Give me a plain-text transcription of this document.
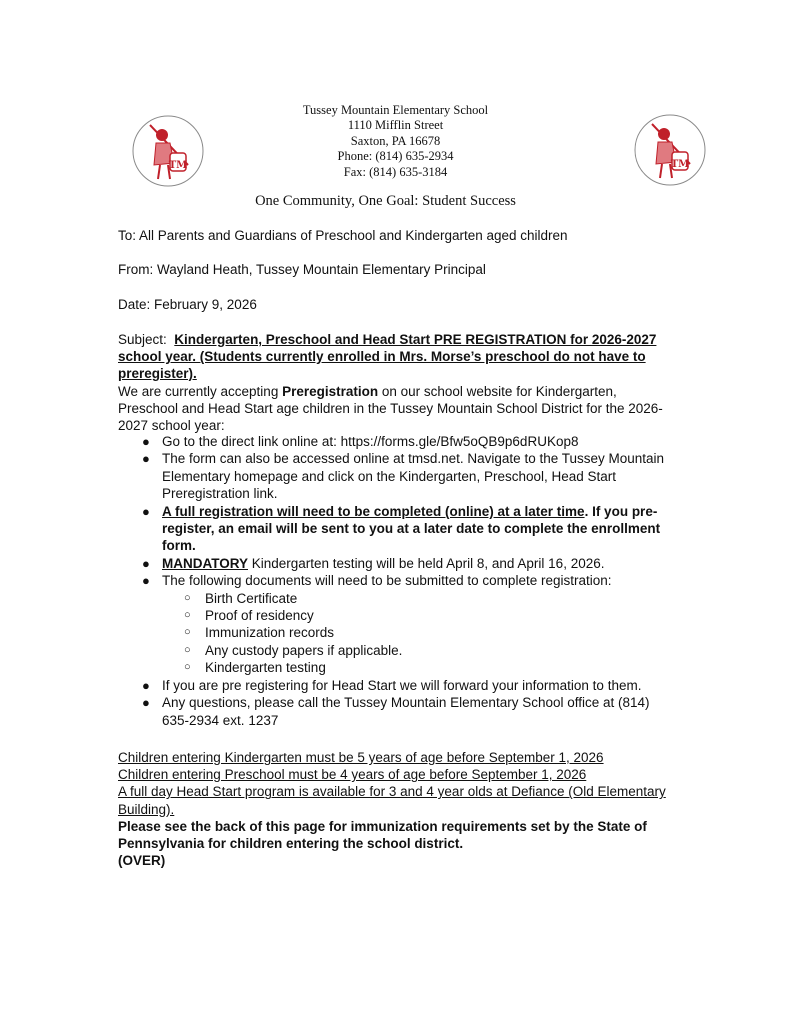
TM
Tussey Mountain Elementary School
1110 Mifflin Street
Saxton, PA 16678
Phone: (814) 635-2934
Fax: (814) 635-3184
TM
One Community, One Goal: Student Success
To: All Parents and Guardians of Preschool and Kindergarten aged children
From: Wayland Heath, Tussey Mountain Elementary Principal
Date: February 9, 2026
Subject: Kindergarten, Preschool and Head Start PRE REGISTRATION for 2026-2027 school year. (Students currently enrolled in Mrs. Morse’s preschool do not have to preregister).
We are currently accepting Preregistration on our school website for Kindergarten, Preschool and Head Start age children in the Tussey Mountain School District for the 2026-2027 school year:
● Go to the direct link online at: https://forms.gle/Bfw5oQB9p6dRUKop8
● The form can also be accessed online at tmsd.net. Navigate to the Tussey Mountain Elementary homepage and click on the Kindergarten, Preschool, Head Start Preregistration link.
● A full registration will need to be completed (online) at a later time. If you pre-register, an email will be sent to you at a later date to complete the enrollment form.
● MANDATORY Kindergarten testing will be held April 8, and April 16, 2026.
● The following documents will need to be submitted to complete registration:
○ Birth Certificate
○ Proof of residency
○ Immunization records
○ Any custody papers if applicable.
○ Kindergarten testing
● If you are pre registering for Head Start we will forward your information to them.
● Any questions, please call the Tussey Mountain Elementary School office at (814) 635-2934 ext. 1237
Children entering Kindergarten must be 5 years of age before September 1, 2026
Children entering Preschool must be 4 years of age before September 1, 2026
A full day Head Start program is available for 3 and 4 year olds at Defiance (Old Elementary Building).
Please see the back of this page for immunization requirements set by the State of Pennsylvania for children entering the school district.
(OVER)
